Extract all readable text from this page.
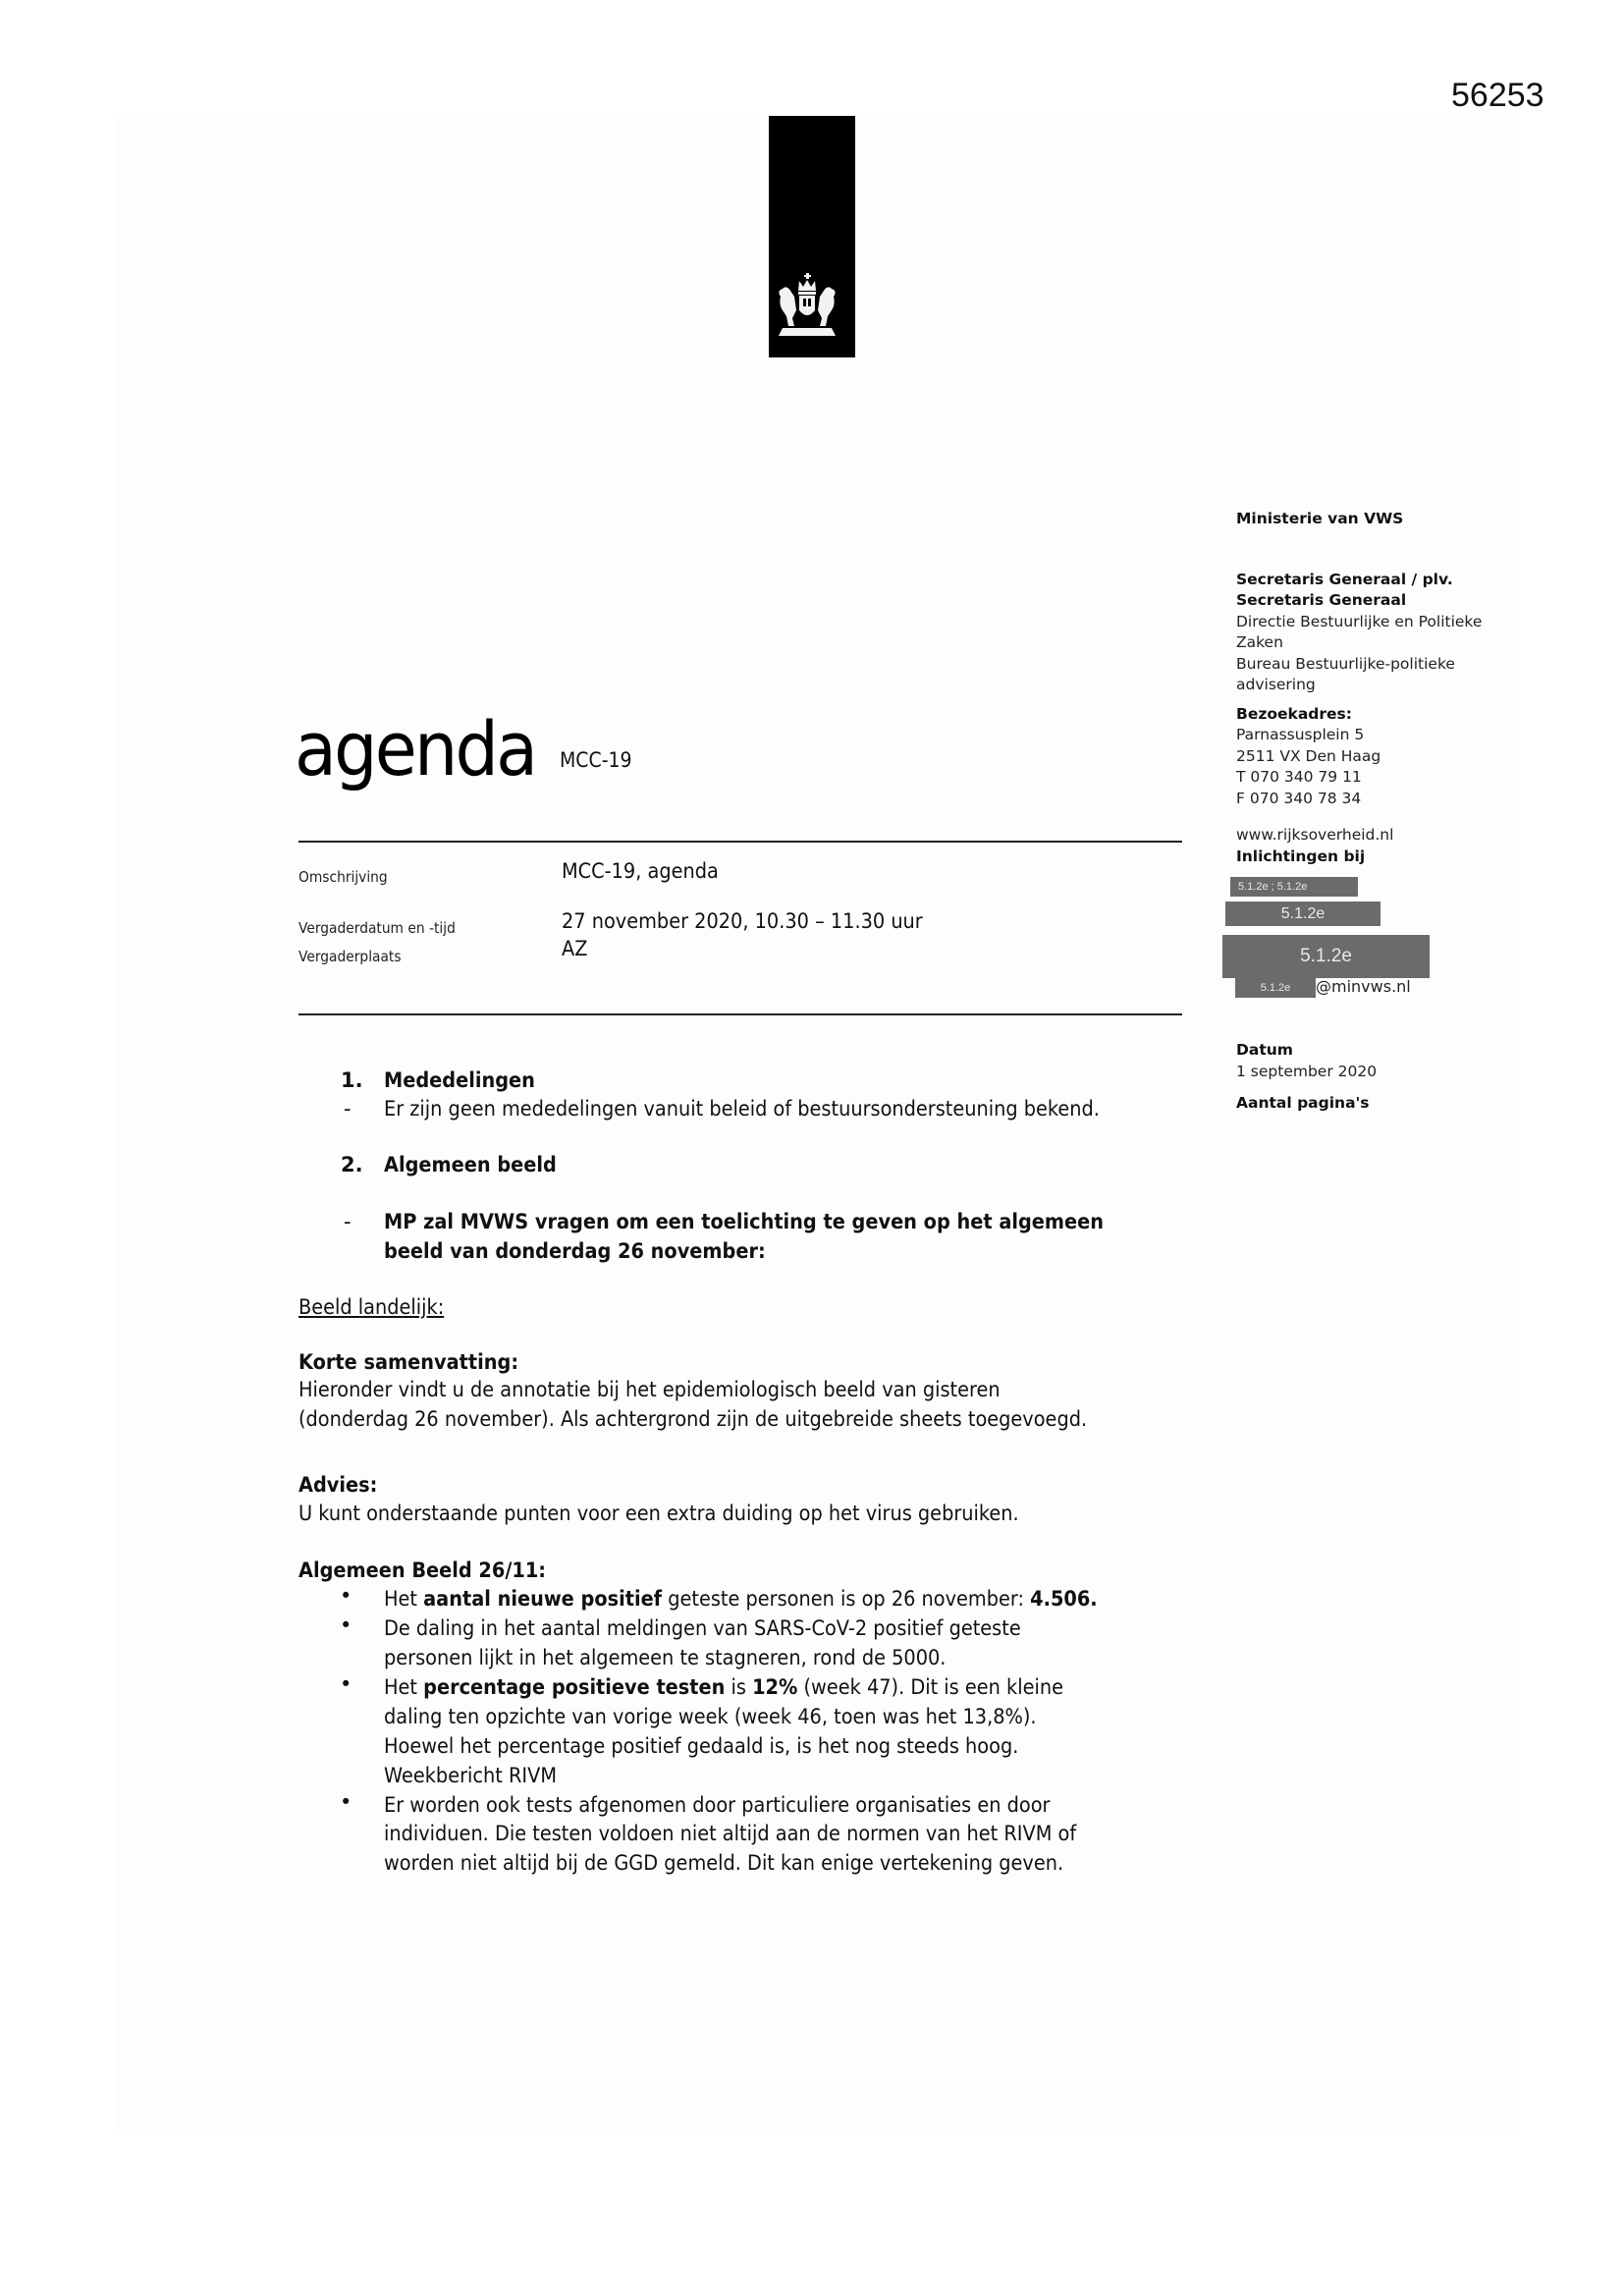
56253
Ministerie van VWS
Secretaris Generaal / plv.
Secretaris Generaal
Directie Bestuurlijke en Politieke
Zaken
Bureau Bestuurlijke-politieke
advisering
Bezoekadres:
Parnassusplein 5
2511 VX Den Haag
T 070 340 79 11
F 070 340 78 34
www.rijksoverheid.nl
Inlichtingen bij
5.1.2e ; 5.1.2e
5.1.2e
5.1.2e
5.1.2e	@minvws.nl
Datum
1 september 2020
Aantal pagina's
agenda MCC-19
Omschrijving	MCC-19, agenda
Vergaderdatum en -tijd	27 november 2020, 10.30 – 11.30 uur
Vergaderplaats	AZ
1. Mededelingen
- Er zijn geen mededelingen vanuit beleid of bestuursondersteuning bekend.
2. Algemeen beeld
- MP zal MVWS vragen om een toelichting te geven op het algemeen
beeld van donderdag 26 november:
Beeld landelijk:
Korte samenvatting:
Hieronder vindt u de annotatie bij het epidemiologisch beeld van gisteren
(donderdag 26 november). Als achtergrond zijn de uitgebreide sheets toegevoegd.
Advies:
U kunt onderstaande punten voor een extra duiding op het virus gebruiken.
Algemeen Beeld 26/11:
• Het aantal nieuwe positief geteste personen is op 26 november: 4.506.
• De daling in het aantal meldingen van SARS-CoV-2 positief geteste
personen lijkt in het algemeen te stagneren, rond de 5000.
• Het percentage positieve testen is 12% (week 47). Dit is een kleine
daling ten opzichte van vorige week (week 46, toen was het 13,8%).
Hoewel het percentage positief gedaald is, is het nog steeds hoog.
Weekbericht RIVM
• Er worden ook tests afgenomen door particuliere organisaties en door
individuen. Die testen voldoen niet altijd aan de normen van het RIVM of
worden niet altijd bij de GGD gemeld. Dit kan enige vertekening geven.
